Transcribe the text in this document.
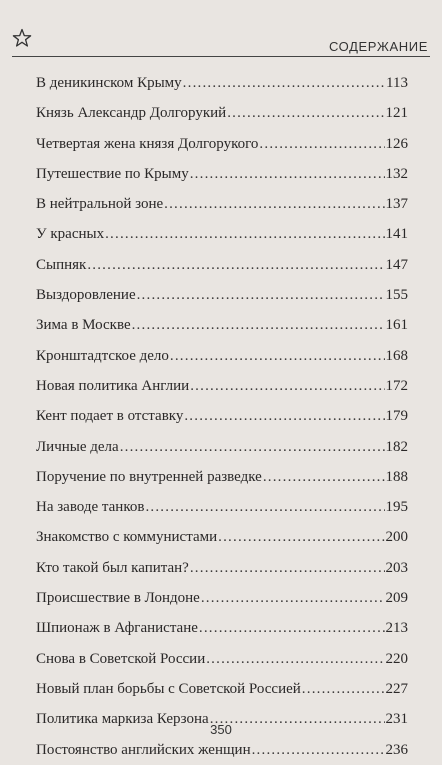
СОДЕРЖАНИЕ
В деникинском Крыму .....	113
Князь Александр Долгорукий .....	121
Четвертая жена князя Долгорукого .....	126
Путешествие по Крыму .....	132
В нейтральной зоне .....	137
У красных .....	141
Сыпняк .....	147
Выздоровление .....	155
Зима в Москве .....	161
Кронштадтское дело .....	168
Новая политика Англии .....	172
Кент подает в отставку .....	179
Личные дела .....	182
Поручение по внутренней разведке .....	188
На заводе танков .....	195
Знакомство с коммунистами .....	200
Кто такой был капитан? .....	203
Происшествие в Лондоне .....	209
Шпионаж в Афганистане .....	213
Снова в Советской России .....	220
Новый план борьбы с Советской Россией .....	227
Политика маркиза Керзона .....	231
Постоянство английских женщин .....	236
350
